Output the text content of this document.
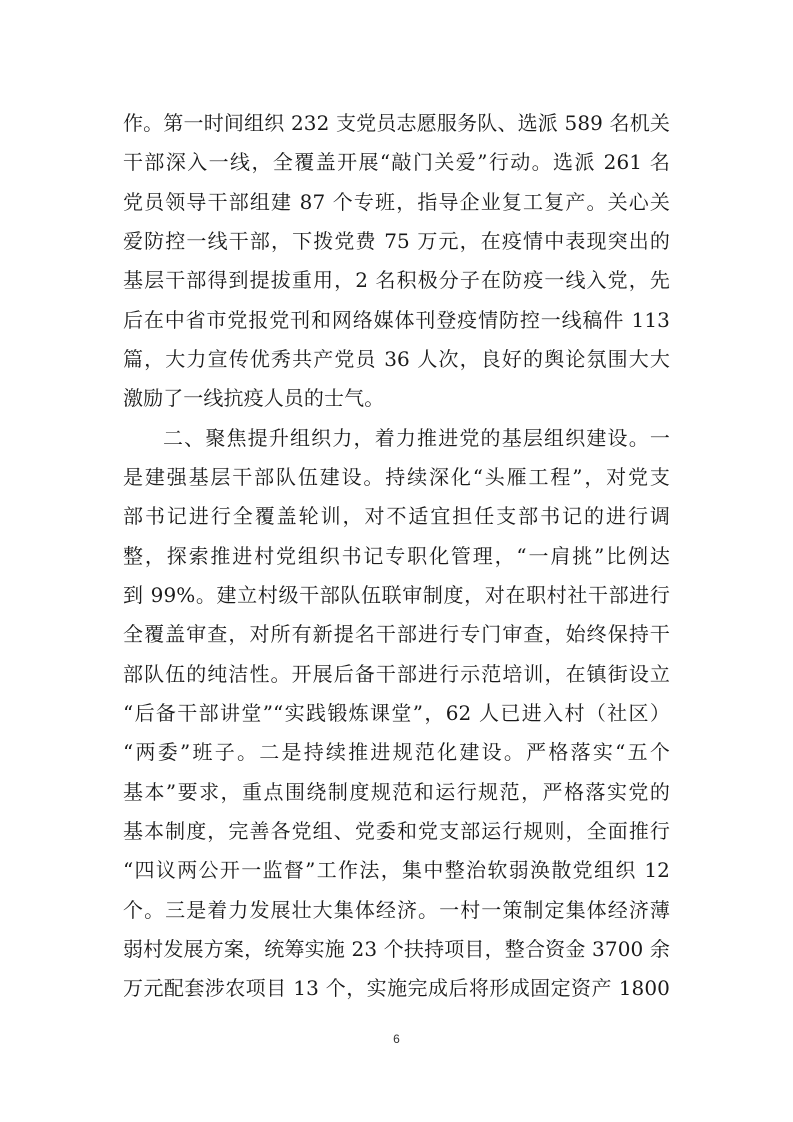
作。第一时间组织 232 支党员志愿服务队、选派 589 名机关
干部深入一线，全覆盖开展“敲门关爱”行动。选派 261 名
党员领导干部组建 87 个专班，指导企业复工复产。关心关
爱防控一线干部，下拨党费 75 万元，在疫情中表现突出的
基层干部得到提拔重用，2 名积极分子在防疫一线入党，先
后在中省市党报党刊和网络媒体刊登疫情防控一线稿件 113
篇，大力宣传优秀共产党员 36 人次，良好的舆论氛围大大
激励了一线抗疫人员的士气。
二、聚焦提升组织力，着力推进党的基层组织建设。一
是建强基层干部队伍建设。持续深化“头雁工程”，对党支
部书记进行全覆盖轮训，对不适宜担任支部书记的进行调
整，探索推进村党组织书记专职化管理，“一肩挑”比例达
到 99%。建立村级干部队伍联审制度，对在职村社干部进行
全覆盖审查，对所有新提名干部进行专门审查，始终保持干
部队伍的纯洁性。开展后备干部进行示范培训，在镇街设立
“后备干部讲堂”“实践锻炼课堂”，62 人已进入村（社区）
“两委”班子。二是持续推进规范化建设。严格落实“五个
基本”要求，重点围绕制度规范和运行规范，严格落实党的
基本制度，完善各党组、党委和党支部运行规则，全面推行
“四议两公开一监督”工作法，集中整治软弱涣散党组织 12
个。三是着力发展壮大集体经济。一村一策制定集体经济薄
弱村发展方案，统筹实施 23 个扶持项目，整合资金 3700 余
万元配套涉农项目 13 个，实施完成后将形成固定资产 1800
6
